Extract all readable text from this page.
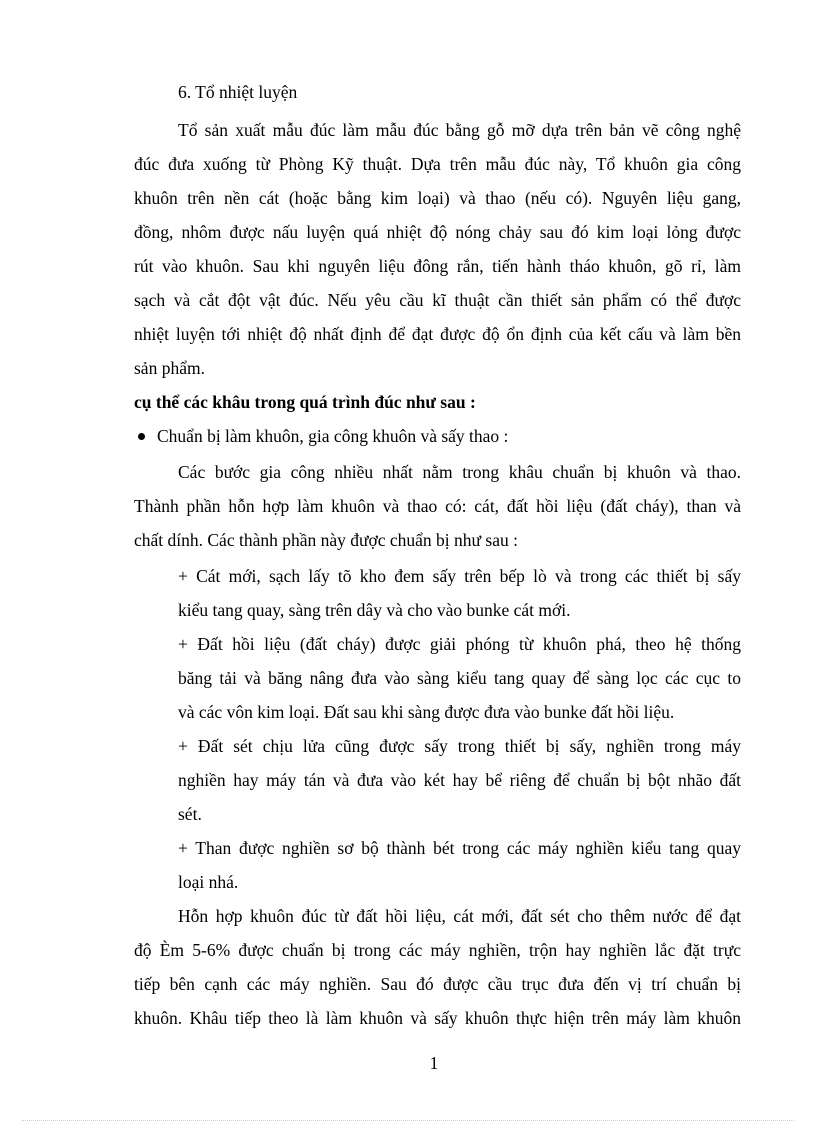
6. Tổ nhiệt luyện
Tổ sản xuất mẫu đúc làm mẫu đúc bằng gỗ mỡ dựa trên bản vẽ công nghệ
đúc đưa xuống từ Phòng Kỹ thuật. Dựa trên mẫu đúc này, Tổ khuôn gia công
khuôn trên nền cát (hoặc bằng kim loại) và thao (nếu có). Nguyên liệu gang,
đồng, nhôm được nấu luyện quá nhiệt độ nóng chảy sau đó kim loại lỏng được
rút vào khuôn. Sau khi nguyên liệu đông rắn, tiến hành tháo khuôn, gõ rỉ, làm
sạch và cắt đột vật đúc. Nếu yêu cầu kĩ thuật cần thiết sản phẩm có thể được
nhiệt luyện tới nhiệt độ nhất định để đạt được độ ổn định của kết cấu và làm bền
sản phẩm.
cụ thể các khâu trong quá trình đúc như sau :
Chuẩn bị làm khuôn, gia công khuôn và sấy thao :
Các bước gia công nhiều nhất nằm trong khâu chuẩn bị khuôn và thao.
Thành phần hỗn hợp làm khuôn và thao có: cát, đất hồi liệu (đất cháy), than và
chất dính. Các thành phần này được chuẩn bị như sau :
+ Cát mới, sạch lấy tõ kho đem sấy trên bếp lò và trong các thiết bị sấy
kiểu tang quay, sàng trên dây và cho vào bunke cát mới.
+ Đất hồi liệu (đất cháy) được giải phóng từ khuôn phá, theo hệ thống
băng tải và băng nâng đưa vào sàng kiểu tang quay để sàng lọc các cục to
và các vôn kim loại. Đất sau khi sàng được đưa vào bunke đất hồi liệu.
+ Đất sét chịu lửa cũng được sấy trong thiết bị sấy, nghiền trong máy
nghiền hay máy tán và đưa vào két hay bể riêng để chuẩn bị bột nhão đất
sét.
+ Than được nghiền sơ bộ thành bét trong các máy nghiền kiểu tang quay
loại nhá.
Hỗn hợp khuôn đúc từ đất hồi liệu, cát mới, đất sét cho thêm nước để đạt
độ Èm 5-6% được chuẩn bị trong các máy nghiền, trộn hay nghiền lắc đặt trực
tiếp bên cạnh các máy nghiền. Sau đó được cầu trục đưa đến vị trí chuẩn bị
khuôn. Khâu tiếp theo là làm khuôn và sấy khuôn thực hiện trên máy làm khuôn
1
